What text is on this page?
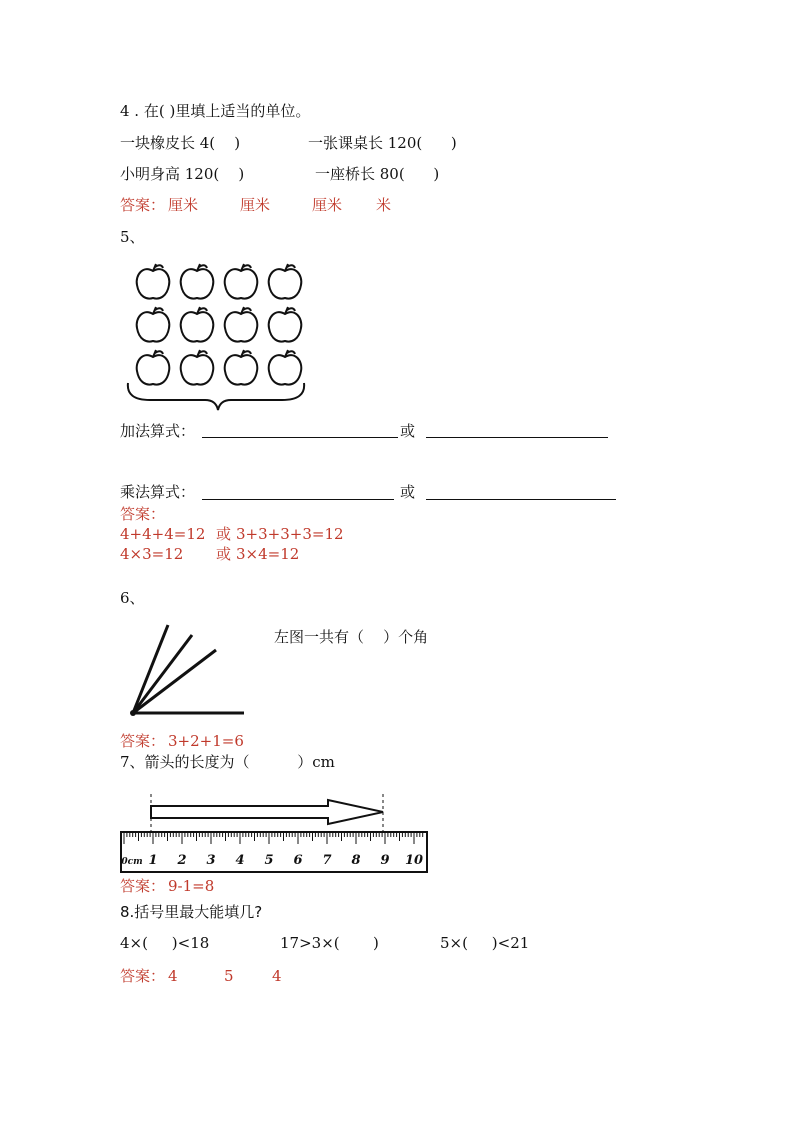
4 . 在( )里填上适当的单位。
一块橡皮长 4(    )	一张课桌长 120(      )
小明身高 120(    )	一座桥长 80(      )
答案： 厘米	厘米	厘米 米
5、
加法算式：	或
乘法算式：	或
答案：
4+4+4=12 或 3+3+3+3=12
4×3=12 或 3×4=12
6、
左图一共有（    ）个角
答案： 3+2+1=6
7、箭头的长度为（          ）cm
0cm 1 2 3 4 5 6 7 8 9 10
答案： 9-1=8
8.括号里最大能填几?
4×(     )<18	17>3×(       )	5×(     )<21
答案： 4	5	4
